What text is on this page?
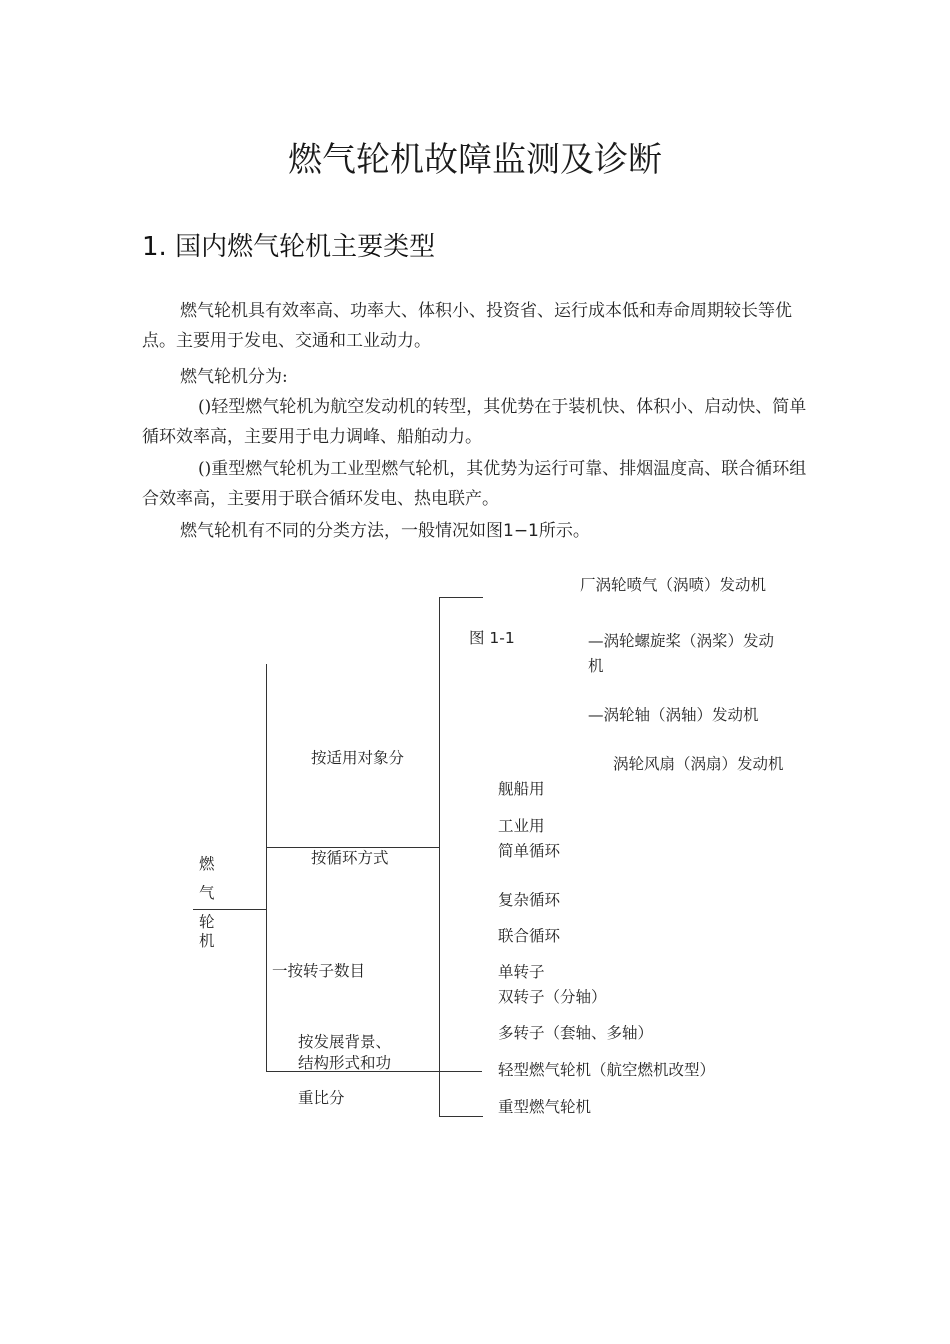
燃气轮机故障监测及诊断
1. 国内燃气轮机主要类型

燃气轮机具有效率高、功率大、体积小、投资省、运行成本低和寿命周期较长等优点。主要用于发电、交通和工业动力。

燃气轮机分为:

()轻型燃气轮机为航空发动机的转型，其优势在于装机快、体积小、启动快、简单循环效率高，主要用于电力调峰、船舶动力。

()重型燃气轮机为工业型燃气轮机，其优势为运行可靠、排烟温度高、联合循环组合效率高，主要用于联合循环发电、热电联产。

燃气轮机有不同的分类方法，一般情况如图1−1所示。

燃
气
轮
机
按适用对象分
按循环方式
一按转子数目
按发展背景、
结构形式和功
重比分
图 1-1
厂涡轮喷气（涡喷）发动机
—涡轮螺旋桨（涡桨）发动
机
—涡轮轴（涡轴）发动机
涡轮风扇（涡扇）发动机
舰船用
工业用
简单循环
复杂循环
联合循环
单转子
双转子（分轴）
多转子（套轴、多轴）
轻型燃气轮机（航空燃机改型）
重型燃气轮机
